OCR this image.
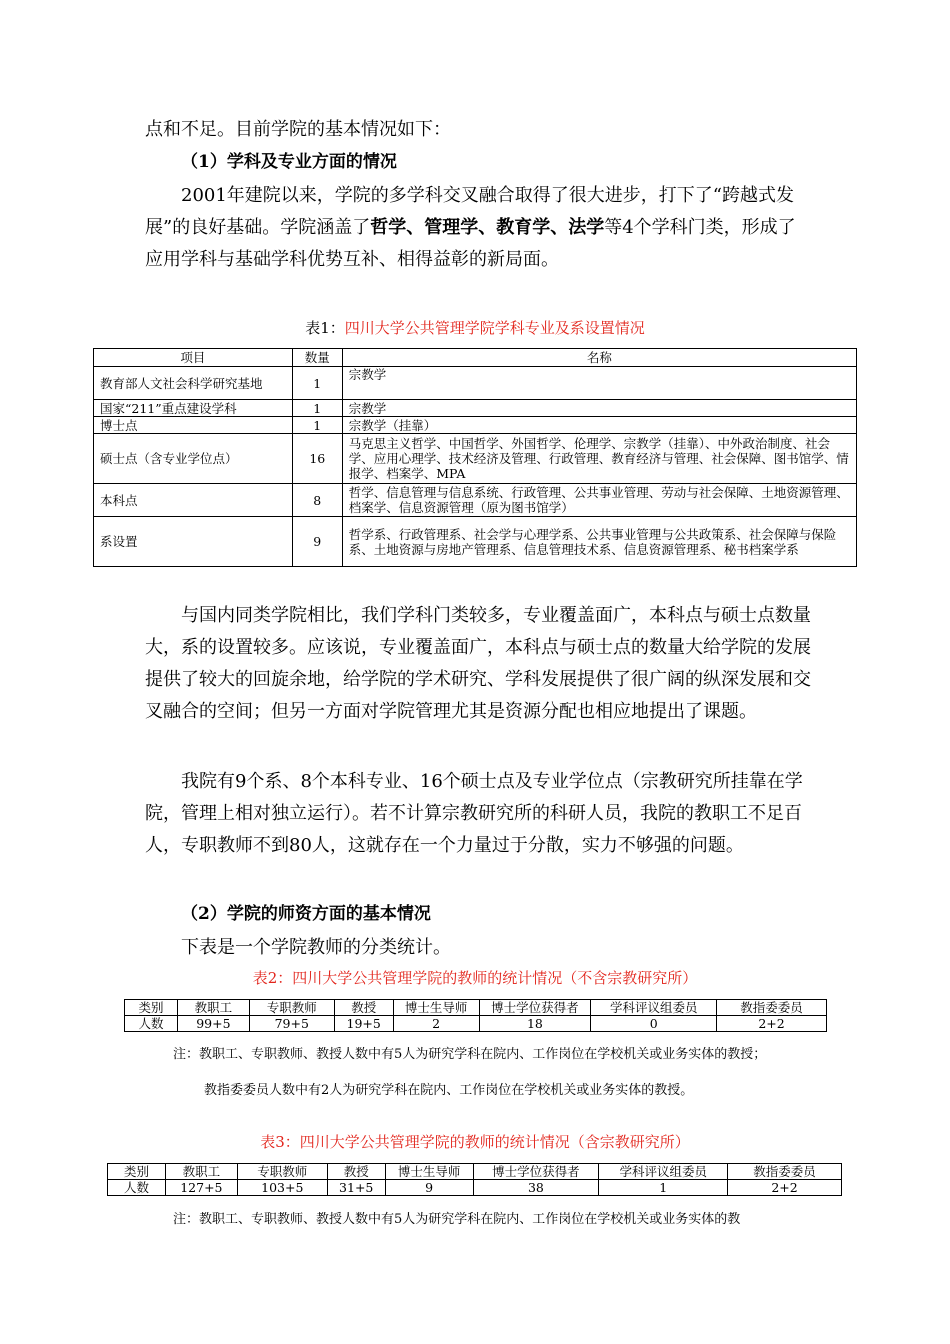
点和不足。目前学院的基本情况如下：

（1）学科及专业方面的情况

2001年建院以来，学院的多学科交叉融合取得了很大进步，打下了“跨越式发展”的良好基础。学院涵盖了哲学、管理学、教育学、法学等4个学科门类，形成了应用学科与基础学科优势互补、相得益彰的新局面。

表1：四川大学公共管理学院学科专业及系设置情况

项目	数量	名称
教育部人文社会科学研究基地	1	宗教学
国家“211”重点建设学科	1	宗教学
博士点	1	宗教学（挂靠）
硕士点（含专业学位点）	16	马克思主义哲学、中国哲学、外国哲学、伦理学、宗教学（挂靠）、中外政治制度、社会学、应用心理学、技术经济及管理、行政管理、教育经济与管理、社会保障、图书馆学、情报学、档案学、MPA
本科点	8	哲学、信息管理与信息系统、行政管理、公共事业管理、劳动与社会保障、土地资源管理、档案学、信息资源管理（原为图书馆学）
系设置	9	哲学系、行政管理系、社会学与心理学系、公共事业管理与公共政策系、社会保障与保险系、土地资源与房地产管理系、信息管理技术系、信息资源管理系、秘书档案学系

与国内同类学院相比，我们学科门类较多，专业覆盖面广，本科点与硕士点数量大，系的设置较多。应该说，专业覆盖面广，本科点与硕士点的数量大给学院的发展提供了较大的回旋余地，给学院的学术研究、学科发展提供了很广阔的纵深发展和交叉融合的空间；但另一方面对学院管理尤其是资源分配也相应地提出了课题。

我院有9个系、8个本科专业、16个硕士点及专业学位点（宗教研究所挂靠在学院，管理上相对独立运行）。若不计算宗教研究所的科研人员，我院的教职工不足百人，专职教师不到80人，这就存在一个力量过于分散，实力不够强的问题。

（2）学院的师资方面的基本情况

下表是一个学院教师的分类统计。

表2：四川大学公共管理学院的教师的统计情况（不含宗教研究所）

类别	教职工	专职教师	教授	博士生导师	博士学位获得者	学科评议组委员	教指委委员
人数	99+5	79+5	19+5	2	18	0	2+2

注：教职工、专职教师、教授人数中有5人为研究学科在院内、工作岗位在学校机关或业务实体的教授；

教指委委员人数中有2人为研究学科在院内、工作岗位在学校机关或业务实体的教授。

表3：四川大学公共管理学院的教师的统计情况（含宗教研究所）

类别	教职工	专职教师	教授	博士生导师	博士学位获得者	学科评议组委员	教指委委员
人数	127+5	103+5	31+5	9	38	1	2+2

注：教职工、专职教师、教授人数中有5人为研究学科在院内、工作岗位在学校机关或业务实体的教
